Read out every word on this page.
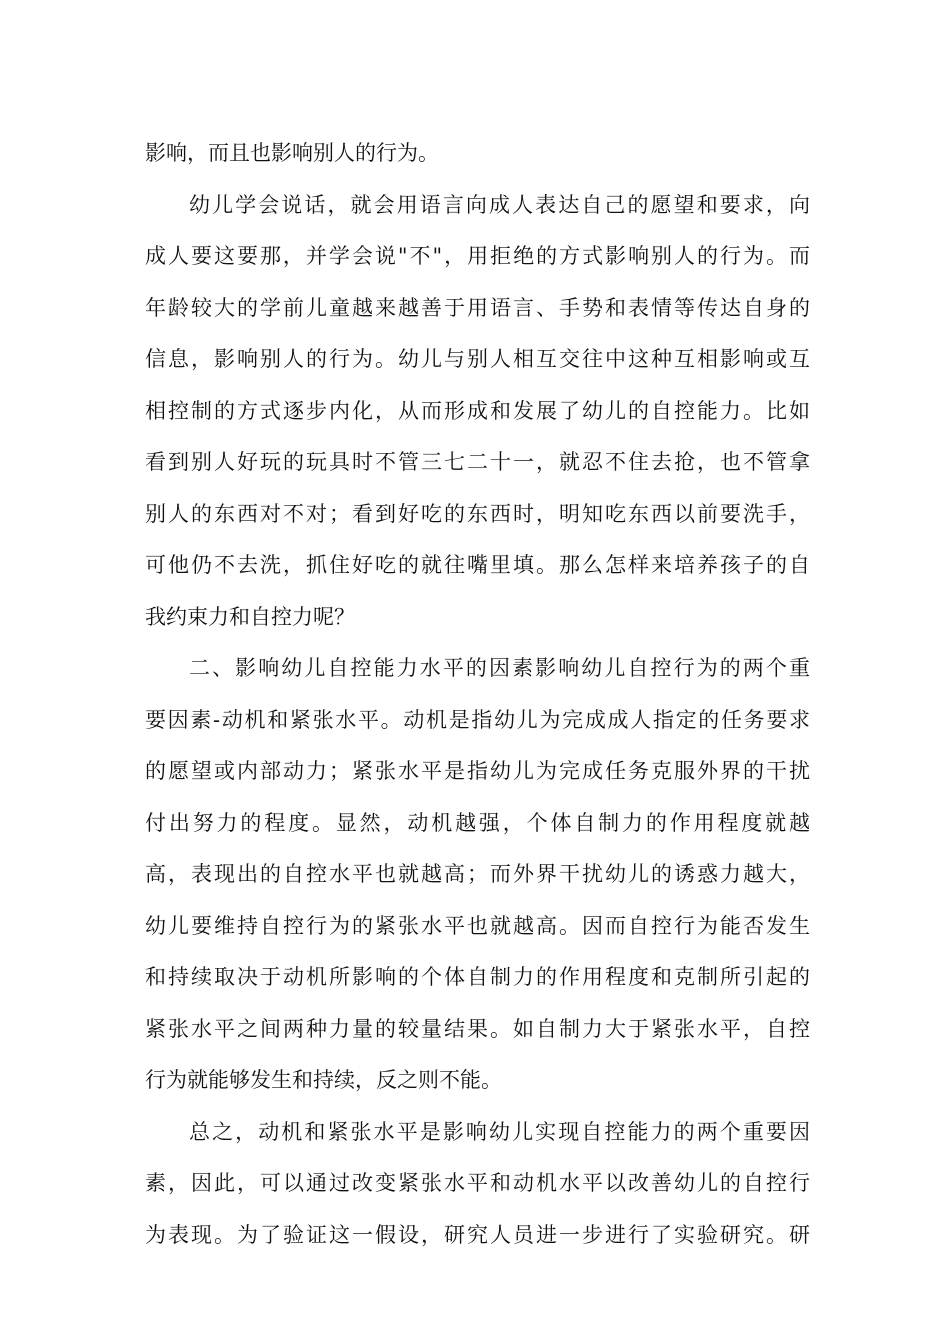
影响，而且也影响别人的行为。
幼儿学会说话，就会用语言向成人表达自己的愿望和要求，向
成人要这要那，并学会说"不"，用拒绝的方式影响别人的行为。而
年龄较大的学前儿童越来越善于用语言、手势和表情等传达自身的
信息，影响别人的行为。幼儿与别人相互交往中这种互相影响或互
相控制的方式逐步内化，从而形成和发展了幼儿的自控能力。比如
看到别人好玩的玩具时不管三七二十一，就忍不住去抢，也不管拿
别人的东西对不对；看到好吃的东西时，明知吃东西以前要洗手，
可他仍不去洗，抓住好吃的就往嘴里填。那么怎样来培养孩子的自
我约束力和自控力呢？
二、影响幼儿自控能力水平的因素影响幼儿自控行为的两个重
要因素-动机和紧张水平。动机是指幼儿为完成成人指定的任务要求
的愿望或内部动力；紧张水平是指幼儿为完成任务克服外界的干扰
付出努力的程度。显然，动机越强，个体自制力的作用程度就越
高，表现出的自控水平也就越高；而外界干扰幼儿的诱惑力越大，
幼儿要维持自控行为的紧张水平也就越高。因而自控行为能否发生
和持续取决于动机所影响的个体自制力的作用程度和克制所引起的
紧张水平之间两种力量的较量结果。如自制力大于紧张水平，自控
行为就能够发生和持续，反之则不能。
总之，动机和紧张水平是影响幼儿实现自控能力的两个重要因
素，因此，可以通过改变紧张水平和动机水平以改善幼儿的自控行
为表现。为了验证这一假设，研究人员进一步进行了实验研究。研
